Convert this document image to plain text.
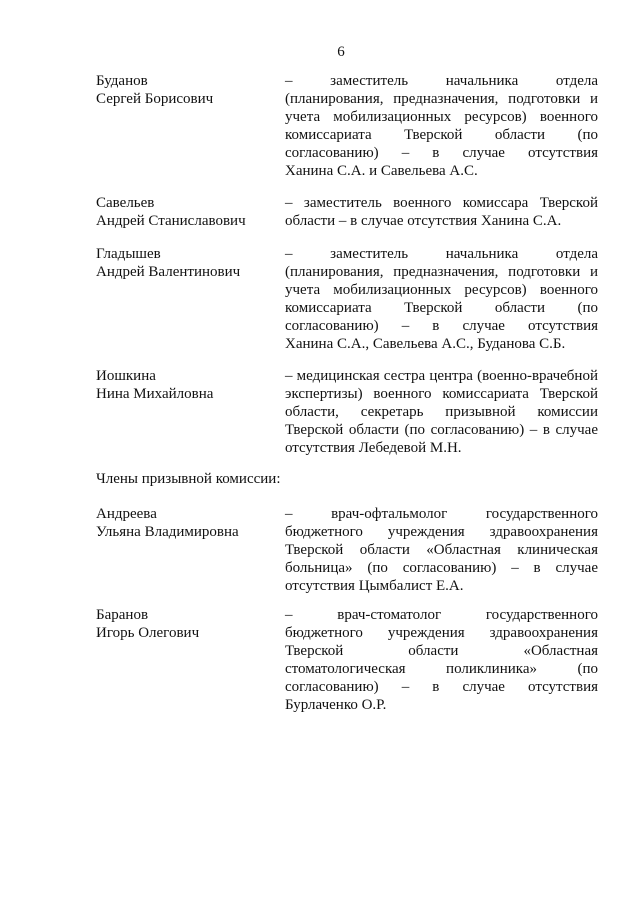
6
Буданов
Сергей Борисович
– заместитель начальника отдела
(планирования, предназначения, подготовки и
учета мобилизационных ресурсов) военного
комиссариата Тверской области (по
согласованию) – в случае отсутствия
Ханина С.А. и Савельева А.С.
Савельев
Андрей Станиславович
– заместитель военного комиссара Тверской
области – в случае отсутствия Ханина С.А.
Гладышев
Андрей Валентинович
– заместитель начальника отдела
(планирования, предназначения, подготовки и
учета мобилизационных ресурсов) военного
комиссариата Тверской области (по
согласованию) – в случае отсутствия
Ханина С.А., Савельева А.С., Буданова С.Б.
Иошкина
Нина Михайловна
– медицинская сестра центра (военно-врачебной
экспертизы) военного комиссариата Тверской
области, секретарь призывной комиссии
Тверской области (по согласованию) – в случае
отсутствия Лебедевой М.Н.
Члены призывной комиссии:
Андреева
Ульяна Владимировна
– врач-офтальмолог государственного
бюджетного учреждения здравоохранения
Тверской области «Областная клиническая
больница» (по согласованию) – в случае
отсутствия Цымбалист Е.А.
Баранов
Игорь Олегович
– врач-стоматолог государственного
бюджетного учреждения здравоохранения
Тверской области «Областная
стоматологическая поликлиника» (по
согласованию) – в случае отсутствия
Бурлаченко О.Р.
